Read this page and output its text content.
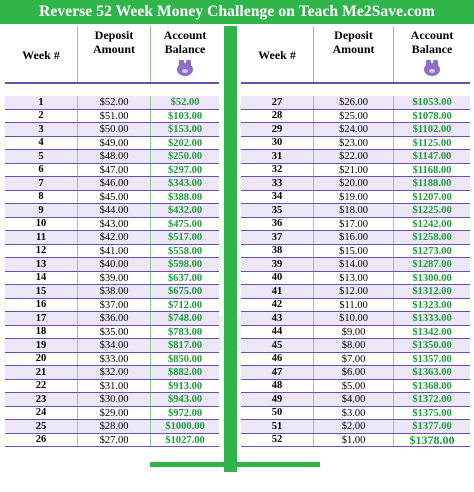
Reverse 52 Week Money Challenge on Teach Me2Save.com
Week #
Deposit
Amount
Account
Balance
1	$52.00	$52.00
2	$51.00	$103.00
3	$50.00	$153.00
4	$49.00	$202.00
5	$48.00	$250.00
6	$47.00	$297.00
7	$46.00	$343.00
8	$45.00	$388.00
9	$44.00	$432.00
10	$43.00	$475.00
11	$42.00	$517.00
12	$41.00	$558.00
13	$40.00	$598.00
14	$39.00	$637.00
15	$38.00	$675.00
16	$37.00	$712.00
17	$36.00	$748.00
18	$35.00	$783.00
19	$34.00	$817.00
20	$33.00	$850.00
21	$32.00	$882.00
22	$31.00	$913.00
23	$30.00	$943.00
24	$29.00	$972.00
25	$28.00	$1000.00
26	$27.00	$1027.00
Week #
Deposit
Amount
Account
Balance
27	$26.00	$1053.00
28	$25.00	$1078.00
29	$24.00	$1102.00
30	$23.00	$1125.00
31	$22.00	$1147.00
32	$21.00	$1168.00
33	$20.00	$1188.00
34	$19.00	$1207.00
35	$18.00	$1225.00
36	$17.00	$1242.00
37	$16.00	$1258.00
38	$15.00	$1273.00
39	$14.00	$1287.00
40	$13.00	$1300.00
41	$12.00	$1312.00
42	$11.00	$1323.00
43	$10.00	$1333.00
44	$9.00	$1342.00
45	$8.00	$1350.00
46	$7.00	$1357.00
47	$6.00	$1363.00
48	$5.00	$1368.00
49	$4.00	$1372.00
50	$3.00	$1375.00
51	$2.00	$1377.00
52	$1.00	$1378.00
